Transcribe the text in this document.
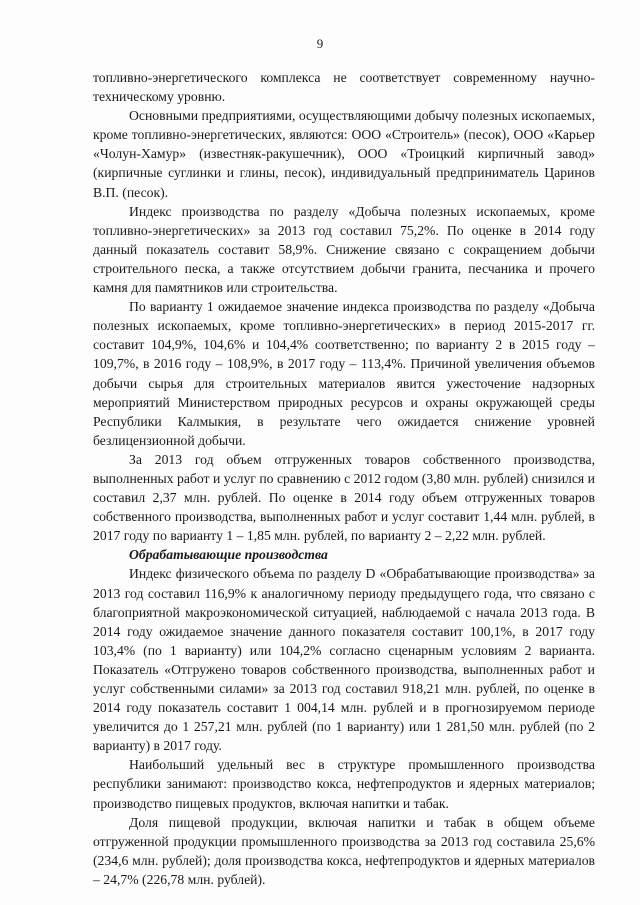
9

топливно-энергетического комплекса не соответствует современному научно-техническому уровню.

Основными предприятиями, осуществляющими добычу полезных ископаемых, кроме топливно-энергетических, являются: ООО «Строитель» (песок), ООО «Карьер «Чолун-Хамур» (известняк-ракушечник), ООО «Троицкий кирпичный завод» (кирпичные суглинки и глины, песок), индивидуальный предприниматель Царинов В.П. (песок).

Индекс производства по разделу «Добыча полезных ископаемых, кроме топливно-энергетических» за 2013 год составил 75,2%. По оценке в 2014 году данный показатель составит 58,9%. Снижение связано с сокращением добычи строительного песка, а также отсутствием добычи гранита, песчаника и прочего камня для памятников или строительства.

По варианту 1 ожидаемое значение индекса производства по разделу «Добыча полезных ископаемых, кроме топливно-энергетических» в период 2015-2017 гг. составит 104,9%, 104,6% и 104,4% соответственно; по варианту 2 в 2015 году – 109,7%, в 2016 году – 108,9%, в 2017 году – 113,4%. Причиной увеличения объемов добычи сырья для строительных материалов явится ужесточение надзорных мероприятий Министерством природных ресурсов и охраны окружающей среды Республики Калмыкия, в результате чего ожидается снижение уровней безлицензионной добычи.

За 2013 год объем отгруженных товаров собственного производства, выполненных работ и услуг по сравнению с 2012 годом (3,80 млн. рублей) снизился и составил 2,37 млн. рублей. По оценке в 2014 году объем отгруженных товаров собственного производства, выполненных работ и услуг составит 1,44 млн. рублей, в 2017 году по варианту 1 – 1,85 млн. рублей, по варианту 2 – 2,22 млн. рублей.

Обрабатывающие производства

Индекс физического объема по разделу D «Обрабатывающие производства» за 2013 год составил 116,9% к аналогичному периоду предыдущего года, что связано с благоприятной макроэкономической ситуацией, наблюдаемой с начала 2013 года. В 2014 году ожидаемое значение данного показателя составит 100,1%, в 2017 году 103,4% (по 1 варианту) или 104,2% согласно сценарным условиям 2 варианта. Показатель «Отгружено товаров собственного производства, выполненных работ и услуг собственными силами» за 2013 год составил 918,21 млн. рублей, по оценке в 2014 году показатель составит 1 004,14 млн. рублей и в прогнозируемом периоде увеличится до 1 257,21 млн. рублей (по 1 варианту) или 1 281,50 млн. рублей (по 2 варианту) в 2017 году.

Наибольший удельный вес в структуре промышленного производства республики занимают: производство кокса, нефтепродуктов и ядерных материалов; производство пищевых продуктов, включая напитки и табак.

Доля пищевой продукции, включая напитки и табак в общем объеме отгруженной продукции промышленного производства за 2013 год составила 25,6% (234,6 млн. рублей); доля производства кокса, нефтепродуктов и ядерных материалов – 24,7% (226,78 млн. рублей).
